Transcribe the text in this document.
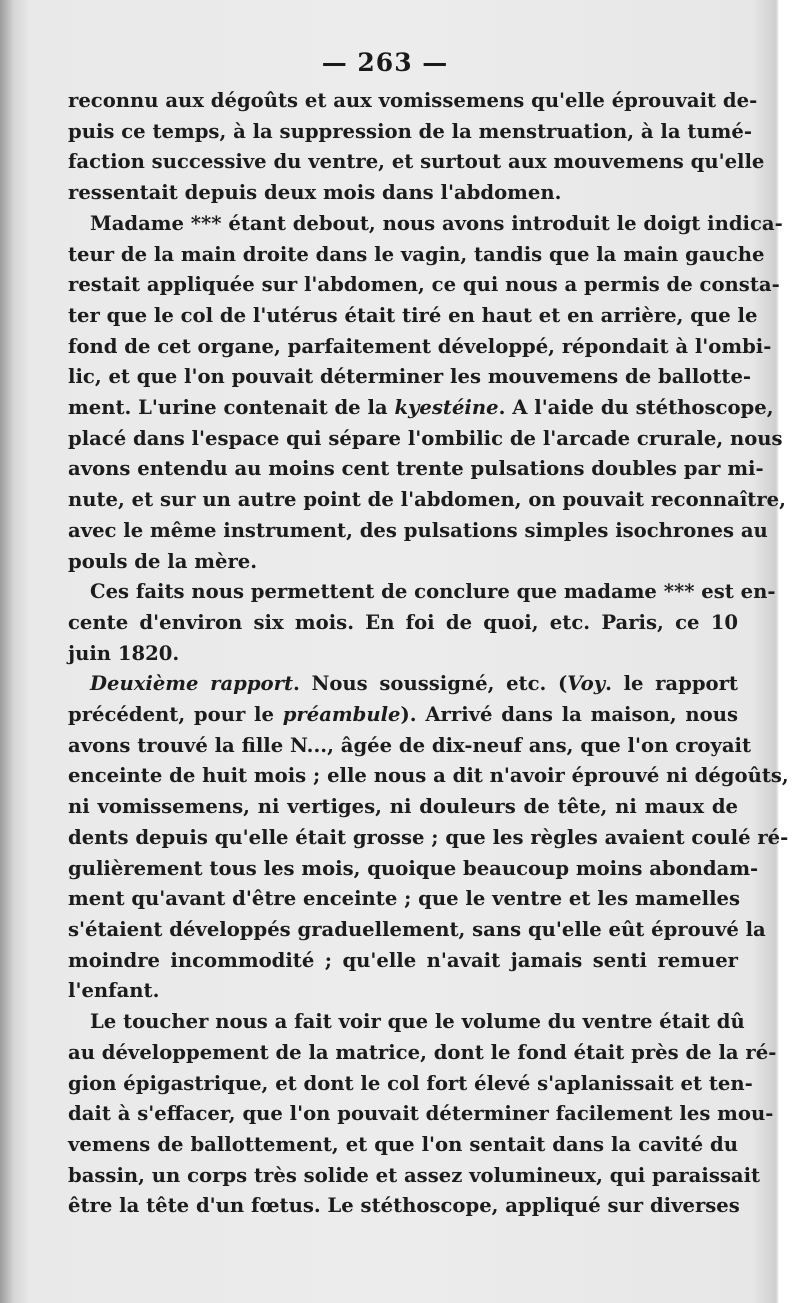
— 263 —
reconnu aux dégoûts et aux vomissemens qu'elle éprouvait de-
puis ce temps, à la suppression de la menstruation, à la tumé-
faction successive du ventre, et surtout aux mouvemens qu'elle
ressentait depuis deux mois dans l'abdomen.
Madame *** étant debout, nous avons introduit le doigt indica-
teur de la main droite dans le vagin, tandis que la main gauche
restait appliquée sur l'abdomen, ce qui nous a permis de consta-
ter que le col de l'utérus était tiré en haut et en arrière, que le
fond de cet organe, parfaitement développé, répondait à l'ombi-
lic, et que l'on pouvait déterminer les mouvemens de ballotte-
ment. L'urine contenait de la kyestéine. A l'aide du stéthoscope,
placé dans l'espace qui sépare l'ombilic de l'arcade crurale, nous
avons entendu au moins cent trente pulsations doubles par mi-
nute, et sur un autre point de l'abdomen, on pouvait reconnaître,
avec le même instrument, des pulsations simples isochrones au
pouls de la mère.
Ces faits nous permettent de conclure que madame *** est en-
cente d'environ six mois. En foi de quoi, etc. Paris, ce 10
juin 1820.
Deuxième rapport. Nous soussigné, etc. (Voy. le rapport
précédent, pour le préambule). Arrivé dans la maison, nous
avons trouvé la fille N..., âgée de dix-neuf ans, que l'on croyait
enceinte de huit mois ; elle nous a dit n'avoir éprouvé ni dégoûts,
ni vomissemens, ni vertiges, ni douleurs de tête, ni maux de
dents depuis qu'elle était grosse ; que les règles avaient coulé ré-
gulièrement tous les mois, quoique beaucoup moins abondam-
ment qu'avant d'être enceinte ; que le ventre et les mamelles
s'étaient développés graduellement, sans qu'elle eût éprouvé la
moindre incommodité ; qu'elle n'avait jamais senti remuer
l'enfant.
Le toucher nous a fait voir que le volume du ventre était dû
au développement de la matrice, dont le fond était près de la ré-
gion épigastrique, et dont le col fort élevé s'aplanissait et ten-
dait à s'effacer, que l'on pouvait déterminer facilement les mou-
vemens de ballottement, et que l'on sentait dans la cavité du
bassin, un corps très solide et assez volumineux, qui paraissait
être la tête d'un fœtus. Le stéthoscope, appliqué sur diverses
